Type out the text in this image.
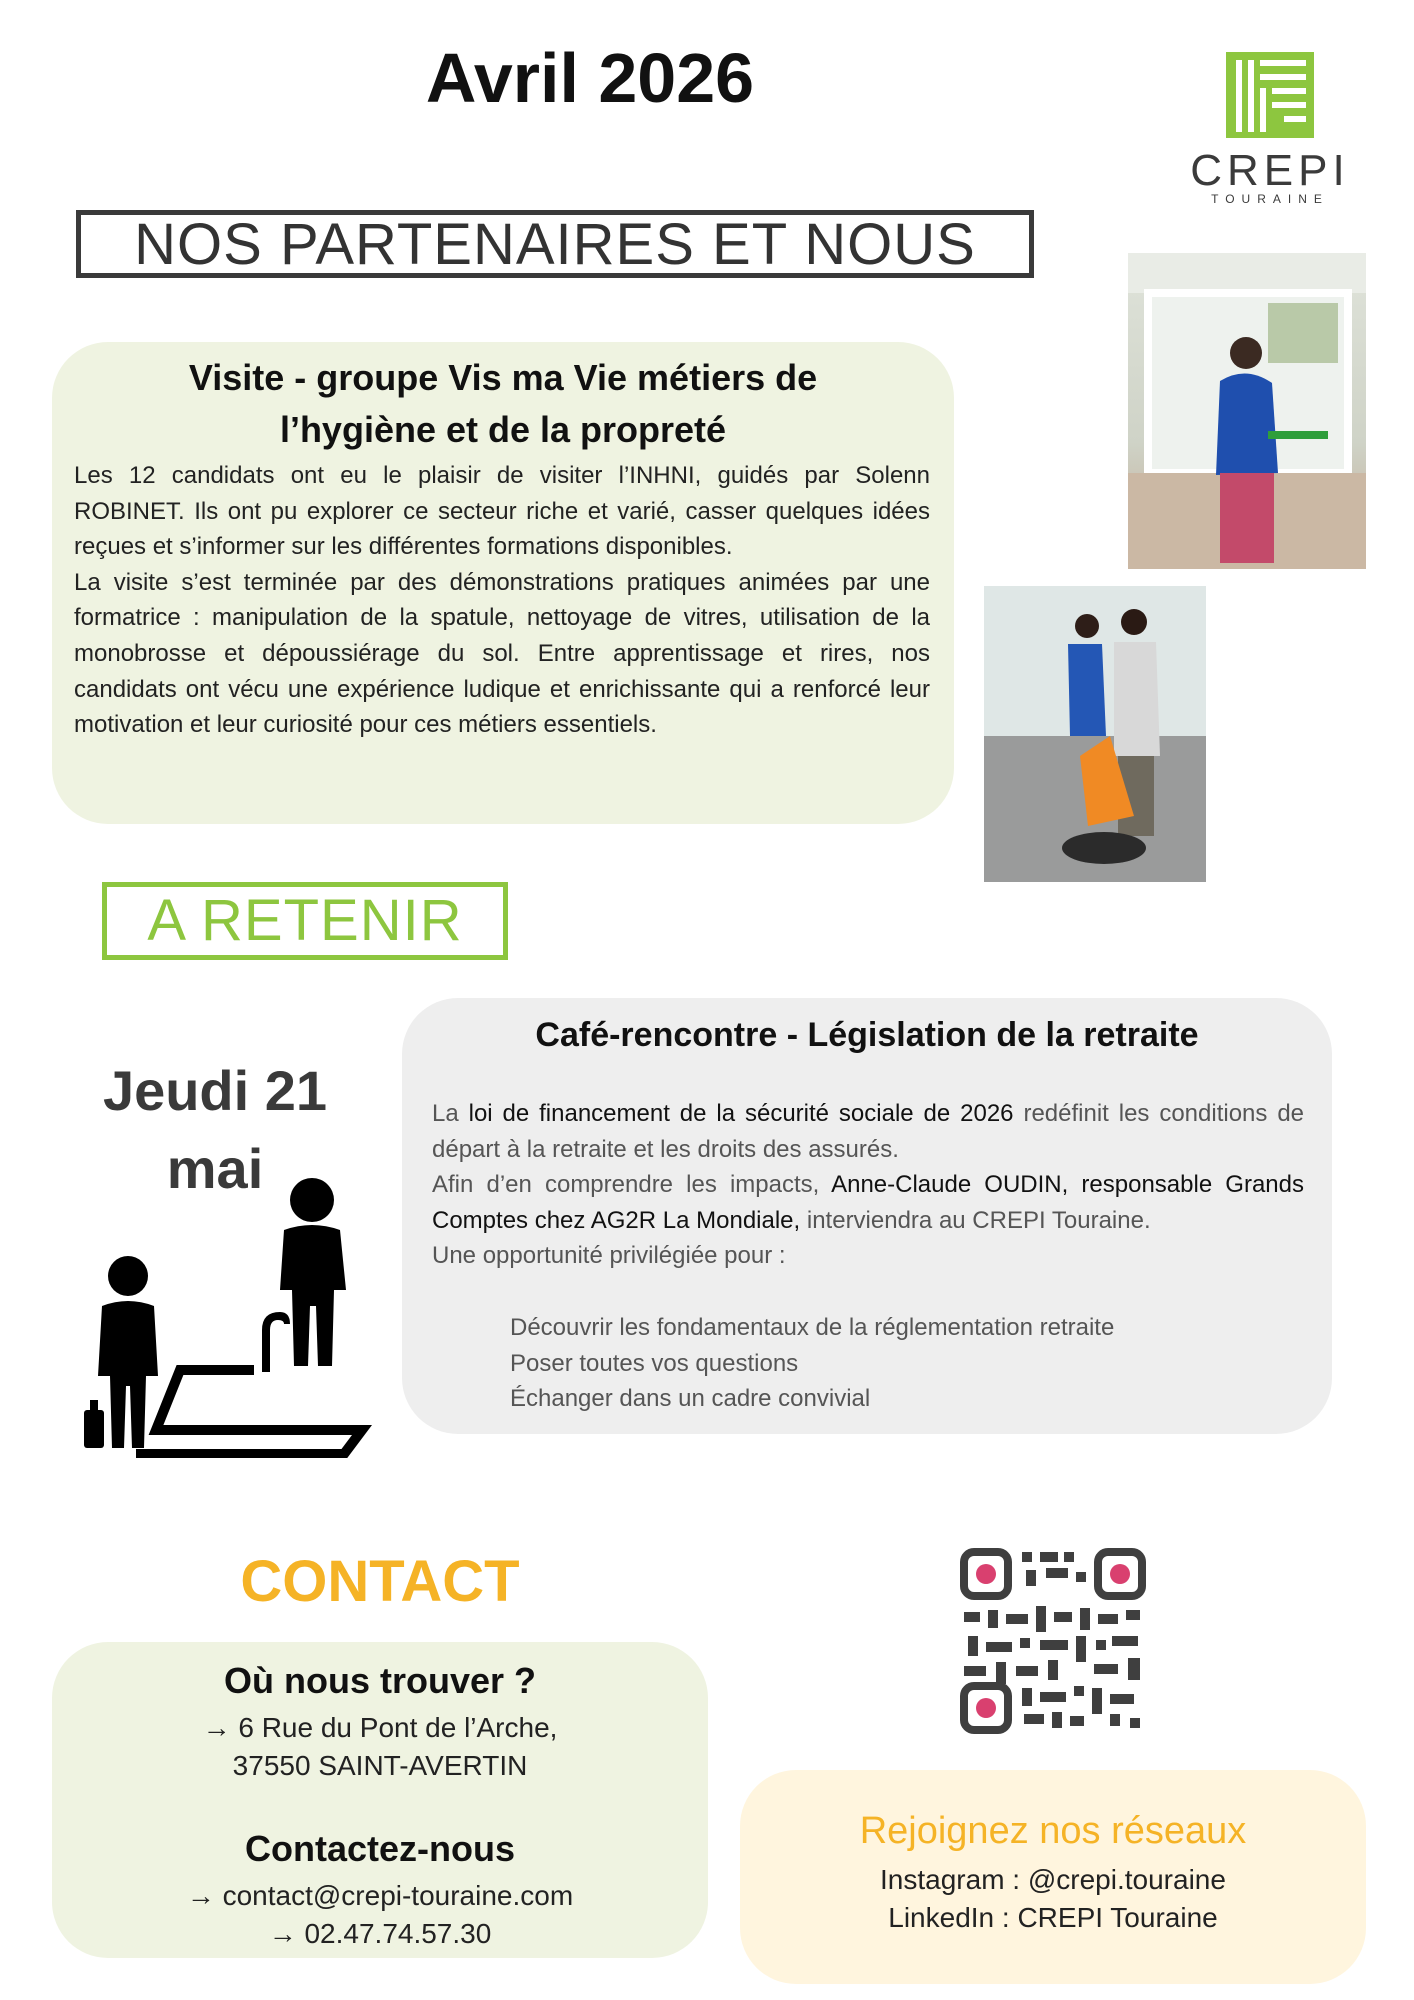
Avril 2026
CREPI
TOURAINE
NOS PARTENAIRES ET NOUS
Visite - groupe Vis ma Vie métiers de
l’hygiène et de la propreté

Les 12 candidats ont eu le plaisir de visiter l’INHNI, guidés par Solenn ROBINET. Ils ont pu explorer ce secteur riche et varié, casser quelques idées reçues et s’informer sur les différentes formations disponibles.

La visite s’est terminée par des démonstrations pratiques animées par une formatrice : manipulation de la spatule, nettoyage de vitres, utilisation de la monobrosse et dépoussiérage du sol. Entre apprentissage et rires, nos candidats ont vécu une expérience ludique et enrichissante qui a renforcé leur motivation et leur curiosité pour ces métiers essentiels.

A RETENIR
Jeudi 21
mai
Café-rencontre - Législation de la retraite

La loi de financement de la sécurité sociale de 2026 redéfinit les conditions de départ à la retraite et les droits des assurés.

Afin d’en comprendre les impacts, Anne-Claude OUDIN, responsable Grands Comptes chez AG2R La Mondiale, interviendra au CREPI Touraine.

Une opportunité privilégiée pour :

Découvrir les fondamentaux de la réglementation retraite
Poser toutes vos questions
Échanger dans un cadre convivial
CONTACT
Où nous trouver ?
→ 6 Rue du Pont de l’Arche,
37550 SAINT-AVERTIN
Contactez-nous
→ contact@crepi-touraine.com
→ 02.47.74.57.30
Rejoignez nos réseaux
Instagram : @crepi.touraine
LinkedIn : CREPI Touraine
